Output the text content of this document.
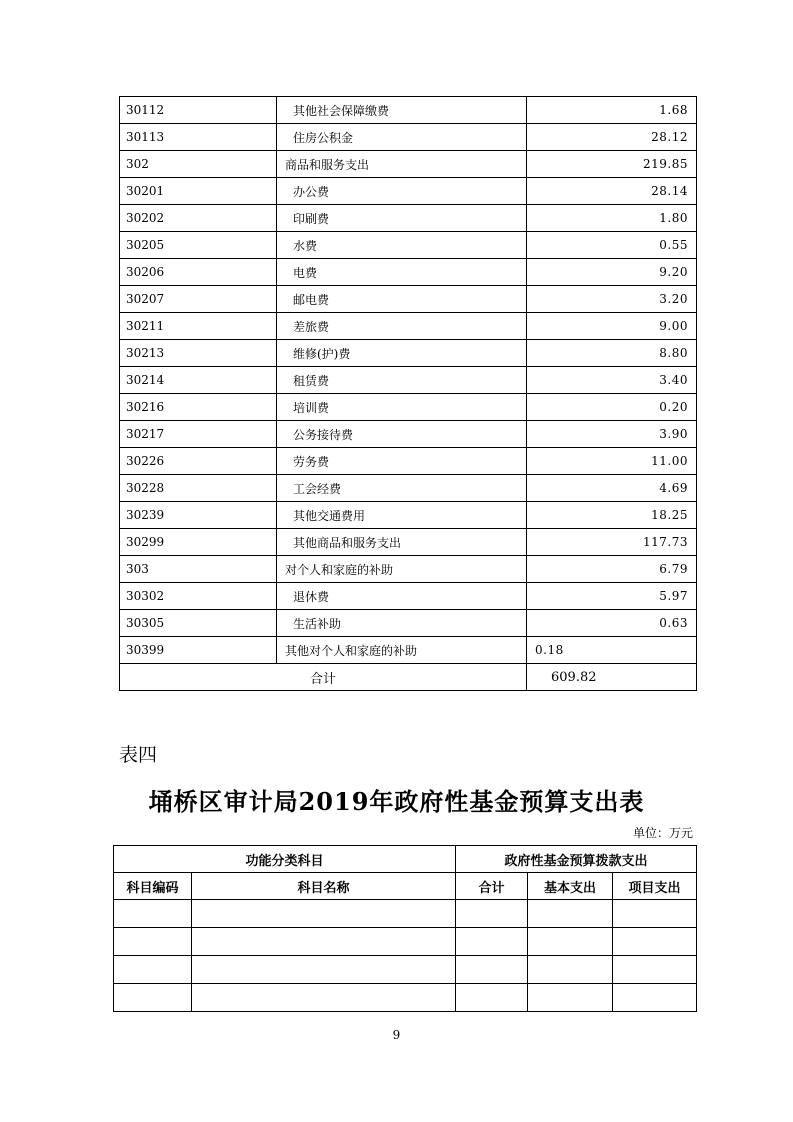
30112	其他社会保障缴费	1.68
30113	住房公积金	28.12
302	商品和服务支出	219.85
30201	办公费	28.14
30202	印刷费	1.80
30205	水费	0.55
30206	电费	9.20
30207	邮电费	3.20
30211	差旅费	9.00
30213	维修(护)费	8.80
30214	租赁费	3.40
30216	培训费	0.20
30217	公务接待费	3.90
30226	劳务费	11.00
30228	工会经费	4.69
30239	其他交通费用	18.25
30299	其他商品和服务支出	117.73
303	对个人和家庭的补助	6.79
30302	退休费	5.97
30305	生活补助	0.63
30399	其他对个人和家庭的补助	0.18
合计		609.82
表四
埇桥区审计局2019年政府性基金预算支出表
单位：万元
功能分类科目		政府性基金预算拨款支出		
科目编码	科目名称	合计	基本支出	项目支出

9
